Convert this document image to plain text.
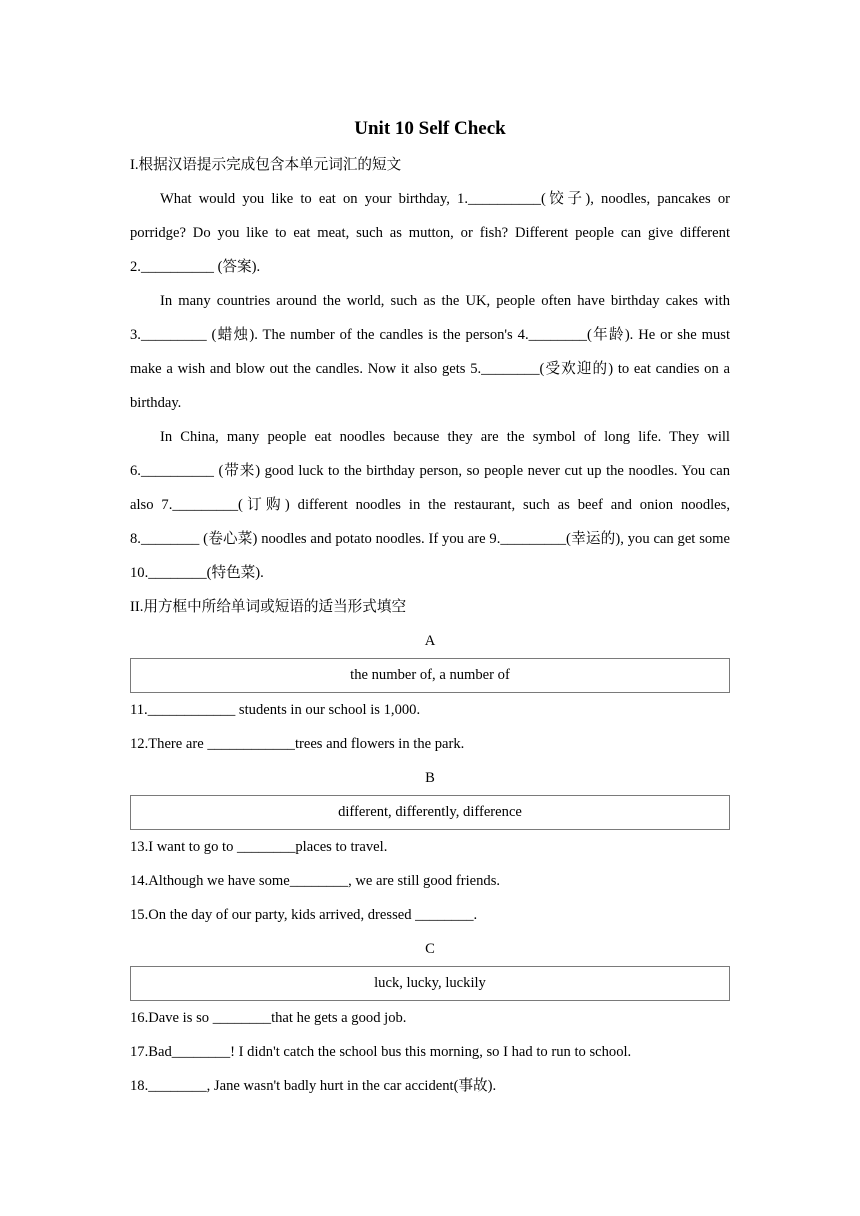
Unit 10 Self Check
I.根据汉语提示完成包含本单元词汇的短文

What would you like to eat on your birthday, 1.__________(饺子), noodles, pancakes or porridge? Do you like to eat meat, such as mutton, or fish? Different people can give different 2.__________ (答案).

In many countries around the world, such as the UK, people often have birthday cakes with 3._________ (蜡烛). The number of the candles is the person's 4.________(年龄). He or she must make a wish and blow out the candles. Now it also gets 5.________(受欢迎的) to eat candies on a birthday.

In China, many people eat noodles because they are the symbol of long life. They will 6.__________ (带来) good luck to the birthday person, so people never cut up the noodles. You can also 7._________(订购) different noodles in the restaurant, such as beef and onion noodles, 8.________ (卷心菜) noodles and potato noodles. If you are 9._________(幸运的), you can get some 10.________(特色菜).

II.用方框中所给单词或短语的适当形式填空
A
the number of, a number of
11.____________ students in our school is 1,000.
12.There are ____________trees and flowers in the park.
B
different, differently, difference
13.I want to go to ________places to travel.
14.Although we have some________, we are still good friends.
15.On the day of our party, kids arrived, dressed ________.
C
luck, lucky, luckily
16.Dave is so ________that he gets a good job.
17.Bad________! I didn't catch the school bus this morning, so I had to run to school.
18.________, Jane wasn't badly hurt in the car accident(事故).
